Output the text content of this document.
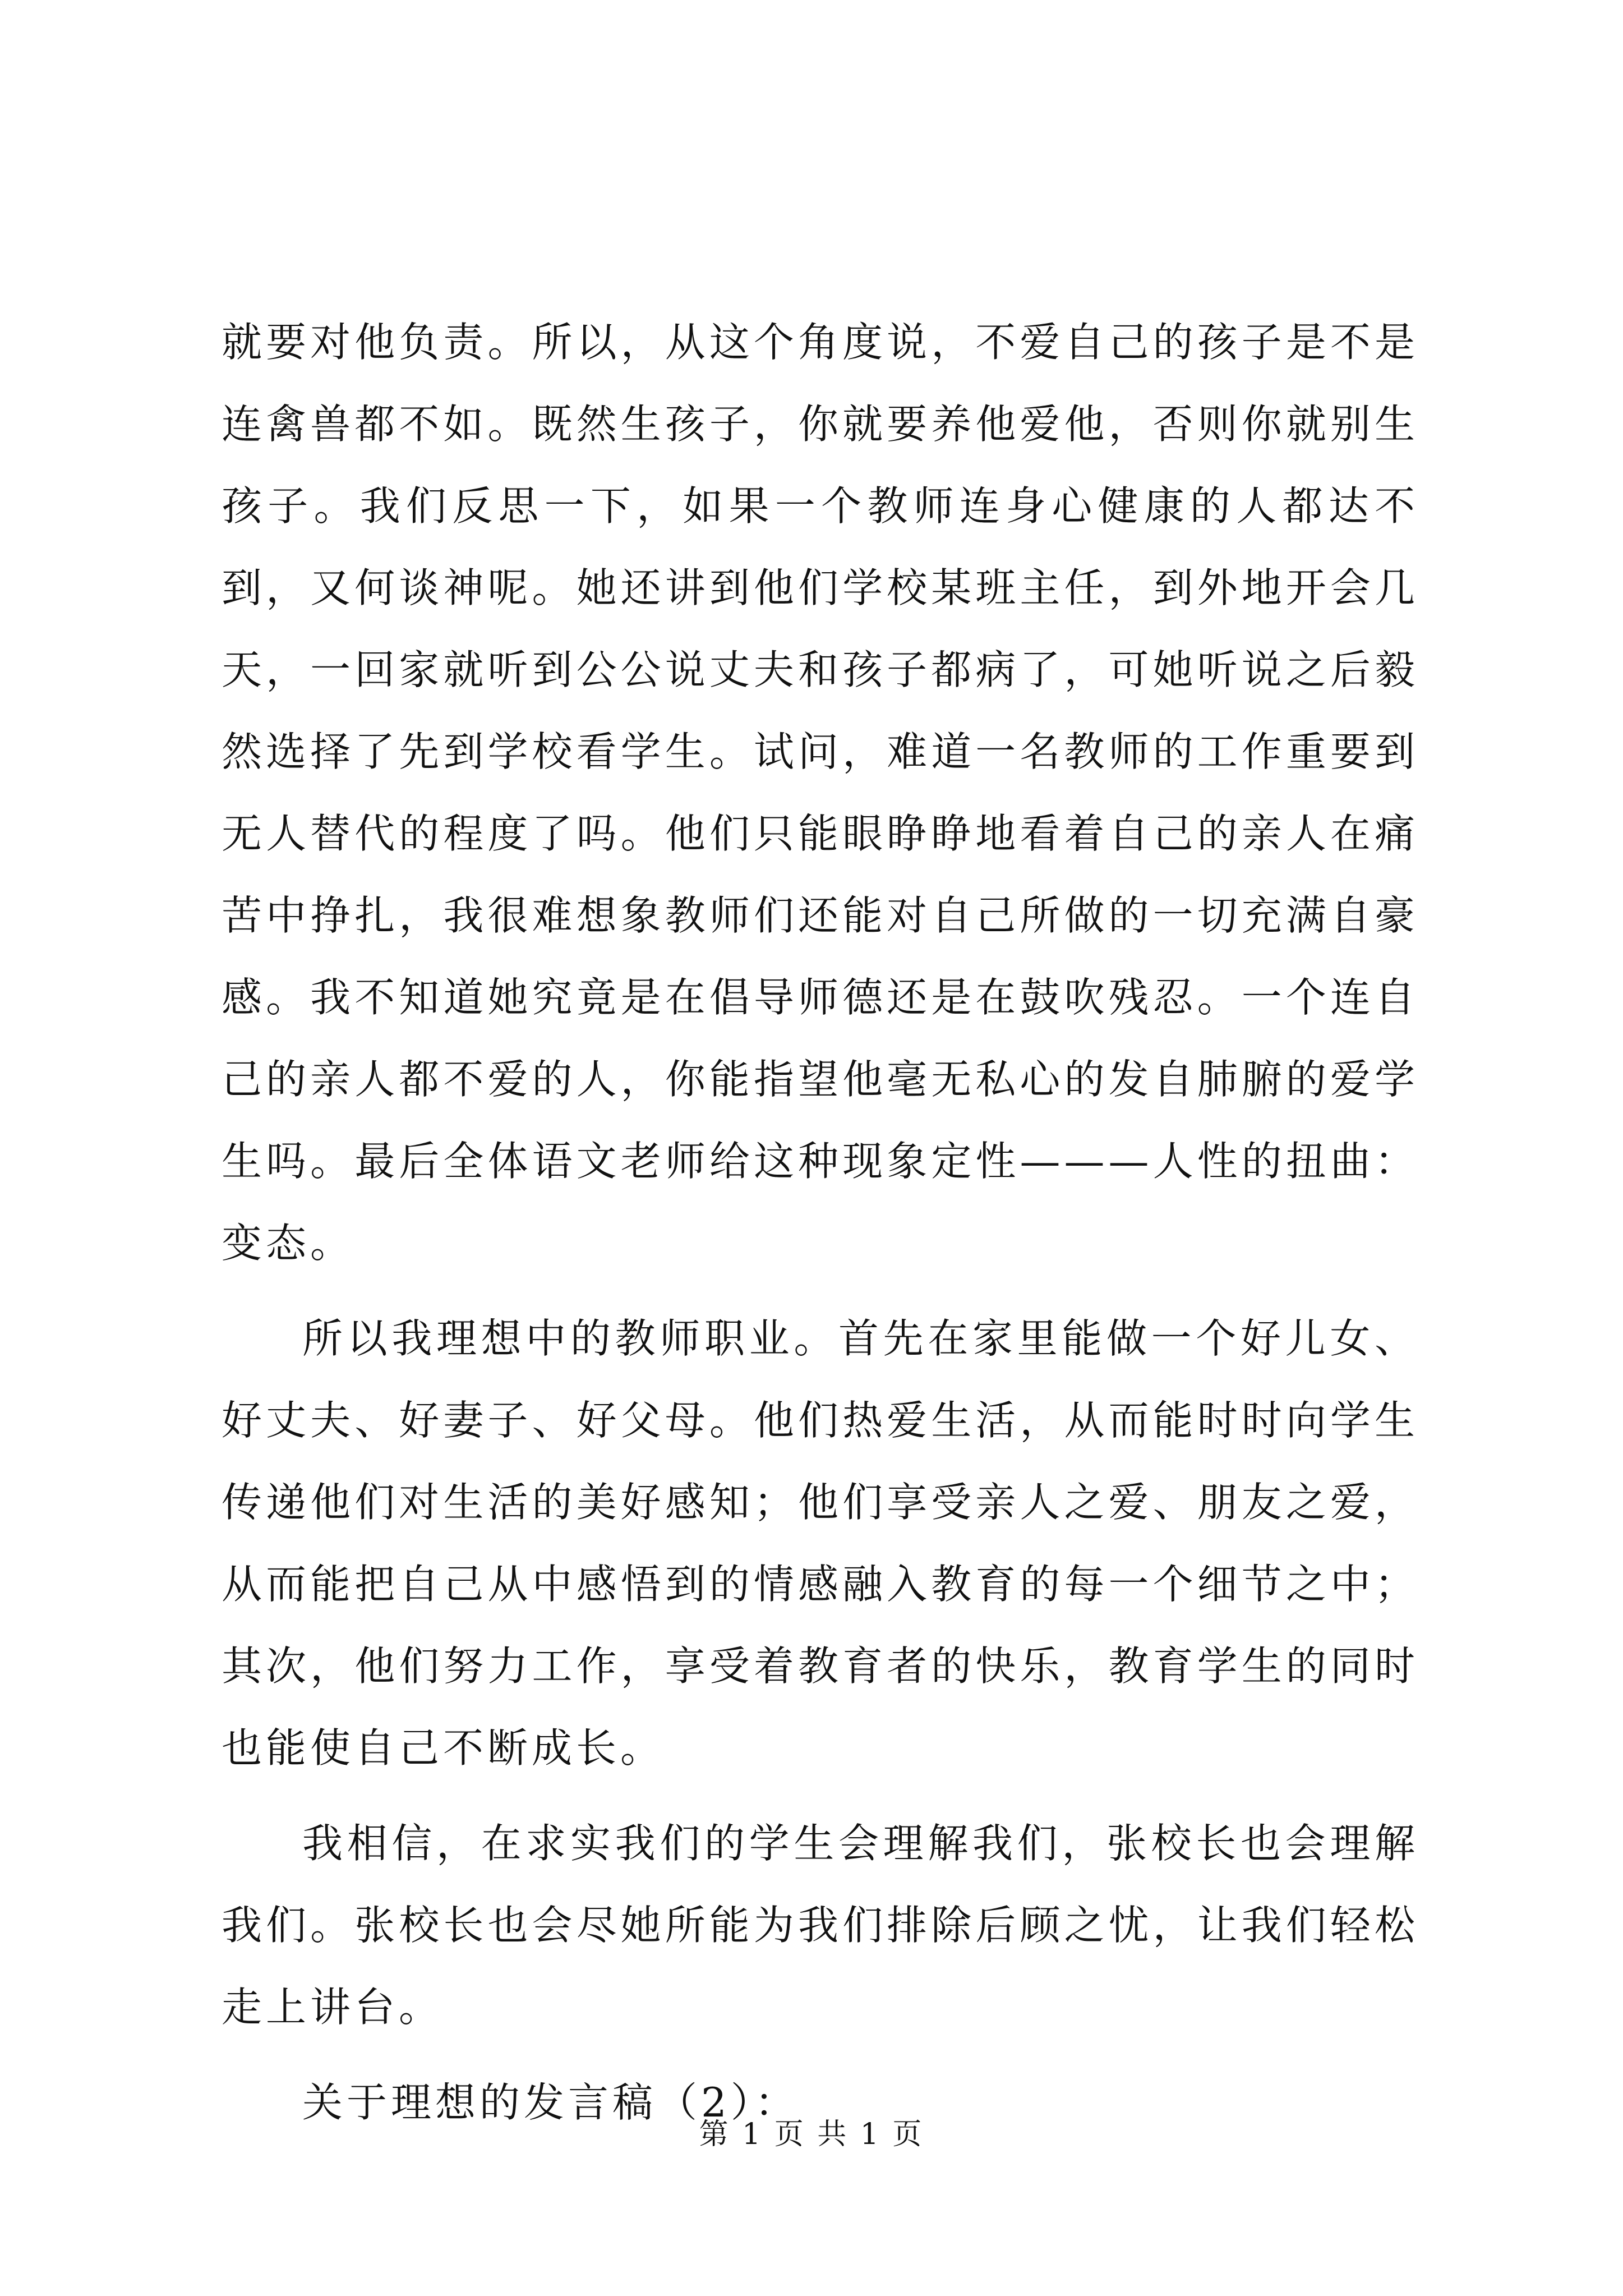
就要对他负责。所以，从这个角度说，不爱自己的孩子是不是连禽兽都不如。既然生孩子，你就要养他爱他，否则你就别生孩子。我们反思一下，如果一个教师连身心健康的人都达不到，又何谈神呢。她还讲到他们学校某班主任，到外地开会几天，一回家就听到公公说丈夫和孩子都病了，可她听说之后毅然选择了先到学校看学生。试问，难道一名教师的工作重要到无人替代的程度了吗。他们只能眼睁睁地看着自己的亲人在痛苦中挣扎，我很难想象教师们还能对自己所做的一切充满自豪感。我不知道她究竟是在倡导师德还是在鼓吹残忍。一个连自己的亲人都不爱的人，你能指望他毫无私心的发自肺腑的爱学生吗。最后全体语文老师给这种现象定性———人性的扭曲：变态。

所以我理想中的教师职业。首先在家里能做一个好儿女、好丈夫、好妻子、好父母。他们热爱生活，从而能时时向学生传递他们对生活的美好感知；他们享受亲人之爱、朋友之爱，从而能把自己从中感悟到的情感融入教育的每一个细节之中；其次，他们努力工作，享受着教育者的快乐，教育学生的同时也能使自己不断成长。

我相信，在求实我们的学生会理解我们，张校长也会理解我们。张校长也会尽她所能为我们排除后顾之忧，让我们轻松走上讲台。

关于理想的发言稿（2）：

第 1 页 共 1 页
